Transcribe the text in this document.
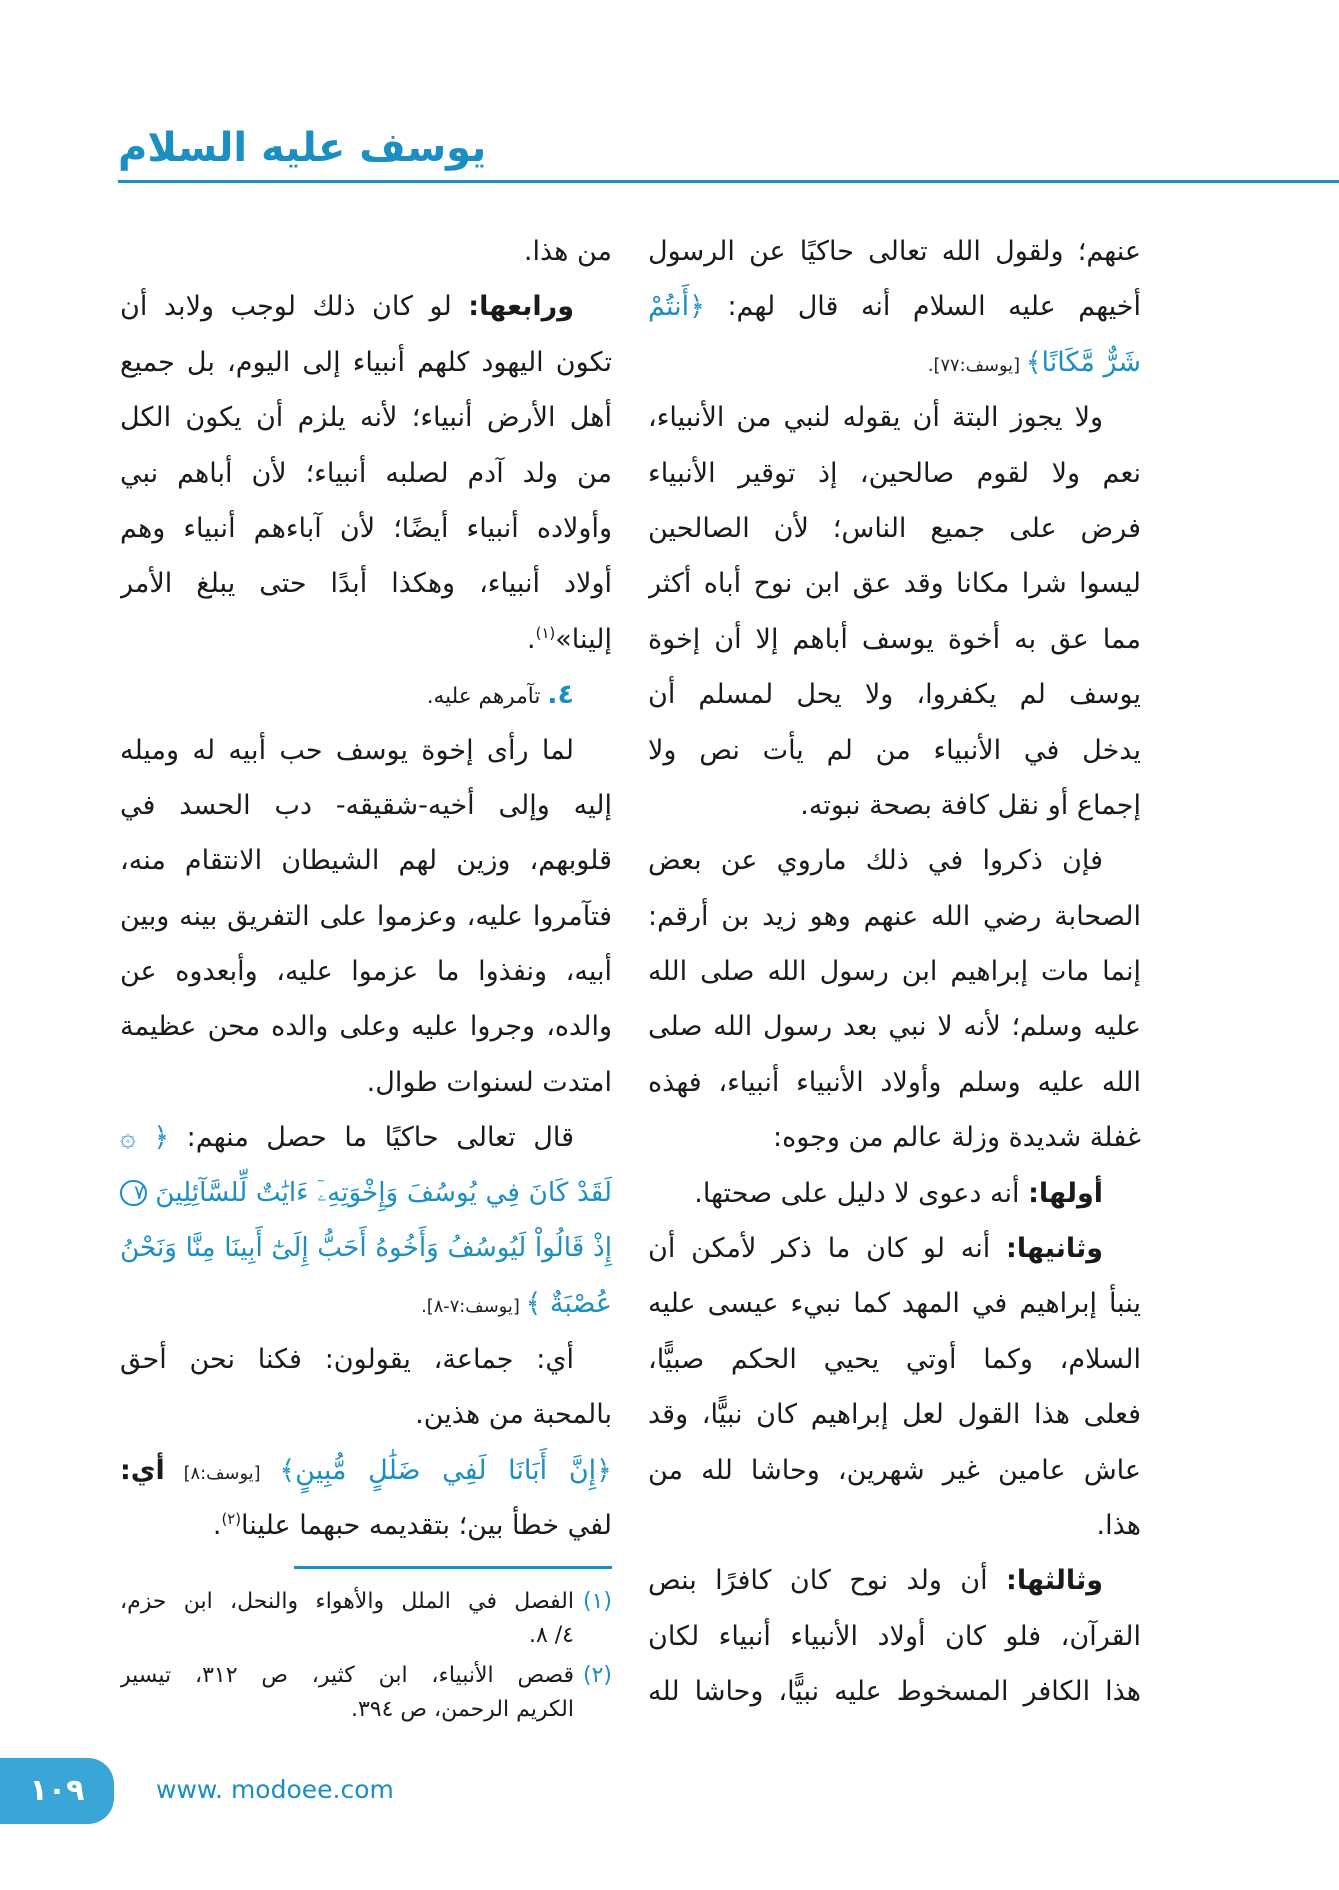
يوسف عليه السلام
عنهم؛ ولقول الله تعالى حاكيًا عن الرسول
أخيهم عليه السلام أنه قال لهم: ﴿أَنتُمْ
شَرٌّ مَّكَانًا﴾ [يوسف:٧٧].
ولا يجوز البتة أن يقوله لنبي من الأنبياء،
نعم ولا لقوم صالحين، إذ توقير الأنبياء
فرض على جميع الناس؛ لأن الصالحين
ليسوا شرا مكانا وقد عق ابن نوح أباه أكثر
مما عق به أخوة يوسف أباهم إلا أن إخوة
يوسف لم يكفروا، ولا يحل لمسلم أن
يدخل في الأنبياء من لم يأت نص ولا
إجماع أو نقل كافة بصحة نبوته.
فإن ذكروا في ذلك ماروي عن بعض
الصحابة رضي الله عنهم وهو زيد بن أرقم:
إنما مات إبراهيم ابن رسول الله صلى الله
عليه وسلم؛ لأنه لا نبي بعد رسول الله صلى
الله عليه وسلم وأولاد الأنبياء أنبياء، فهذه
غفلة شديدة وزلة عالم من وجوه:
أولها: أنه دعوى لا دليل على صحتها.
وثانيها: أنه لو كان ما ذكر لأمكن أن
ينبأ إبراهيم في المهد كما نبيء عيسى عليه
السلام، وكما أوتي يحيي الحكم صبيًّا،
فعلى هذا القول لعل إبراهيم كان نبيًّا، وقد
عاش عامين غير شهرين، وحاشا لله من
هذا.
وثالثها: أن ولد نوح كان كافرًا بنص
القرآن، فلو كان أولاد الأنبياء أنبياء لكان
هذا الكافر المسخوط عليه نبيًّا، وحاشا لله
من هذا.
ورابعها: لو كان ذلك لوجب ولابد أن
تكون اليهود كلهم أنبياء إلى اليوم، بل جميع
أهل الأرض أنبياء؛ لأنه يلزم أن يكون الكل
من ولد آدم لصلبه أنبياء؛ لأن أباهم نبي
وأولاده أنبياء أيضًا؛ لأن آباءهم أنبياء وهم
أولاد أنبياء، وهكذا أبدًا حتى يبلغ الأمر
إلينا»$^{(١)}$.
٤. تآمرهم عليه.
لما رأى إخوة يوسف حب أبيه له وميله
إليه وإلى أخيه-شقيقه- دب الحسد في
قلوبهم، وزين لهم الشيطان الانتقام منه،
فتآمروا عليه، وعزموا على التفريق بينه وبين
أبيه، ونفذوا ما عزموا عليه، وأبعدوه عن
والده، وجروا عليه وعلى والده محن عظيمة
امتدت لسنوات طوال.
قال تعالى حاكيًا ما حصل منهم: ﴿ ۞
لَقَدْ كَانَ فِي يُوسُفَ وَإِخْوَتِهِۦٓ ءَايَٰتٌ لِّلسَّآئِلِينَ ٧
إِذْ قَالُواْ لَيُوسُفُ وَأَخُوهُ أَحَبُّ إِلَىٰٓ أَبِينَا مِنَّا وَنَحْنُ
عُصْبَةٌ ﴾ [يوسف:٧-٨].
أي: جماعة، يقولون: فكنا نحن أحق
بالمحبة من هذين.
﴿إِنَّ أَبَانَا لَفِي ضَلَٰلٍ مُّبِينٍ﴾ [يوسف:٨] أي:
لفي خطأ بين؛ بتقديمه حبهما علينا$^{(٢)}$.
(١)
الفصل في الملل والأهواء والنحل، ابن حزم،
٤/ ٨.
(٢)
قصص الأنبياء، ابن كثير، ص ٣١٢، تيسير
الكريم الرحمن، ص ٣٩٤.
١٠٩	www. modoee.com
